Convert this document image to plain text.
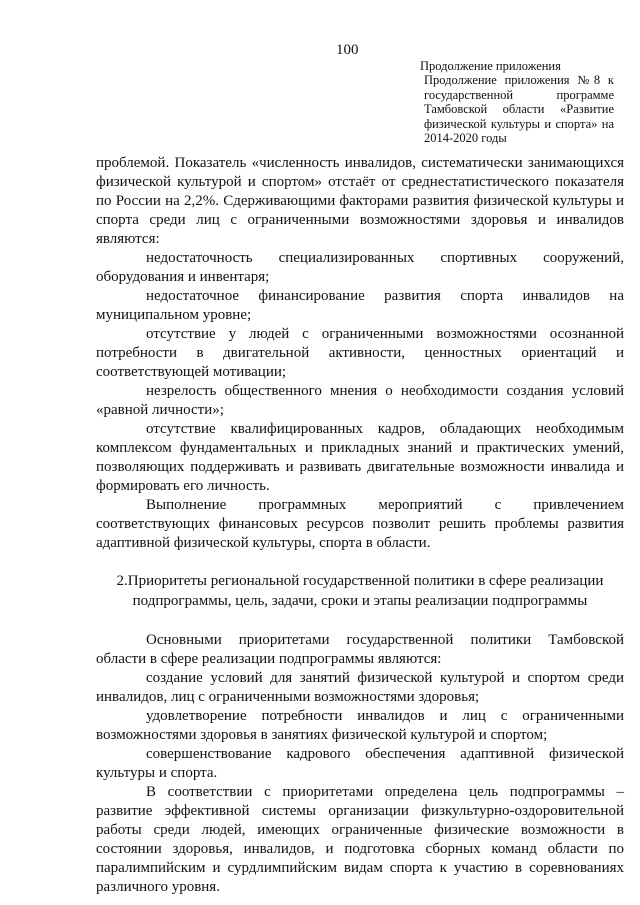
100
Продолжение приложения
Продолжение приложения №8 к государственной программе Тамбовской области «Развитие физической культуры и спорта» на 2014-2020 годы

проблемой. Показатель «численность инвалидов, систематически занимающихся физической культурой и спортом» отстаёт от среднестатистического показателя по России на 2,2%. Сдерживающими факторами развития физической культуры и спорта среди лиц с ограниченными возможностями здоровья и инвалидов являются:

недостаточность специализированных спортивных сооружений, оборудования и инвентаря;

недостаточное финансирование развития спорта инвалидов на муниципальном уровне;

отсутствие у людей с ограниченными возможностями осознанной потребности в двигательной активности, ценностных ориентаций и соответствующей мотивации;

незрелость общественного мнения о необходимости создания условий «равной личности»;

отсутствие квалифицированных кадров, обладающих необходимым комплексом фундаментальных и прикладных знаний и практических умений, позволяющих поддерживать и развивать двигательные возможности инвалида и формировать его личность.

Выполнение программных мероприятий с привлечением соответствующих финансовых ресурсов позволит решить проблемы развития адаптивной физической культуры, спорта в области.

2.Приоритеты региональной государственной политики в сфере реализации подпрограммы, цель, задачи, сроки и этапы реализации подпрограммы

Основными приоритетами государственной политики Тамбовской области в сфере реализации подпрограммы являются:

создание условий для занятий физической культурой и спортом среди инвалидов, лиц с ограниченными возможностями здоровья;

удовлетворение потребности инвалидов и лиц с ограниченными возможностями здоровья в занятиях физической культурой и спортом;

совершенствование кадрового обеспечения адаптивной физической культуры и спорта.

В соответствии с приоритетами определена цель подпрограммы – развитие эффективной системы организации физкультурно-оздоровительной работы среди людей, имеющих ограниченные физические возможности в состоянии здоровья, инвалидов, и подготовка сборных команд области по паралимпийским и сурдлимпийским видам спорта к участию в соревнованиях различного уровня.
